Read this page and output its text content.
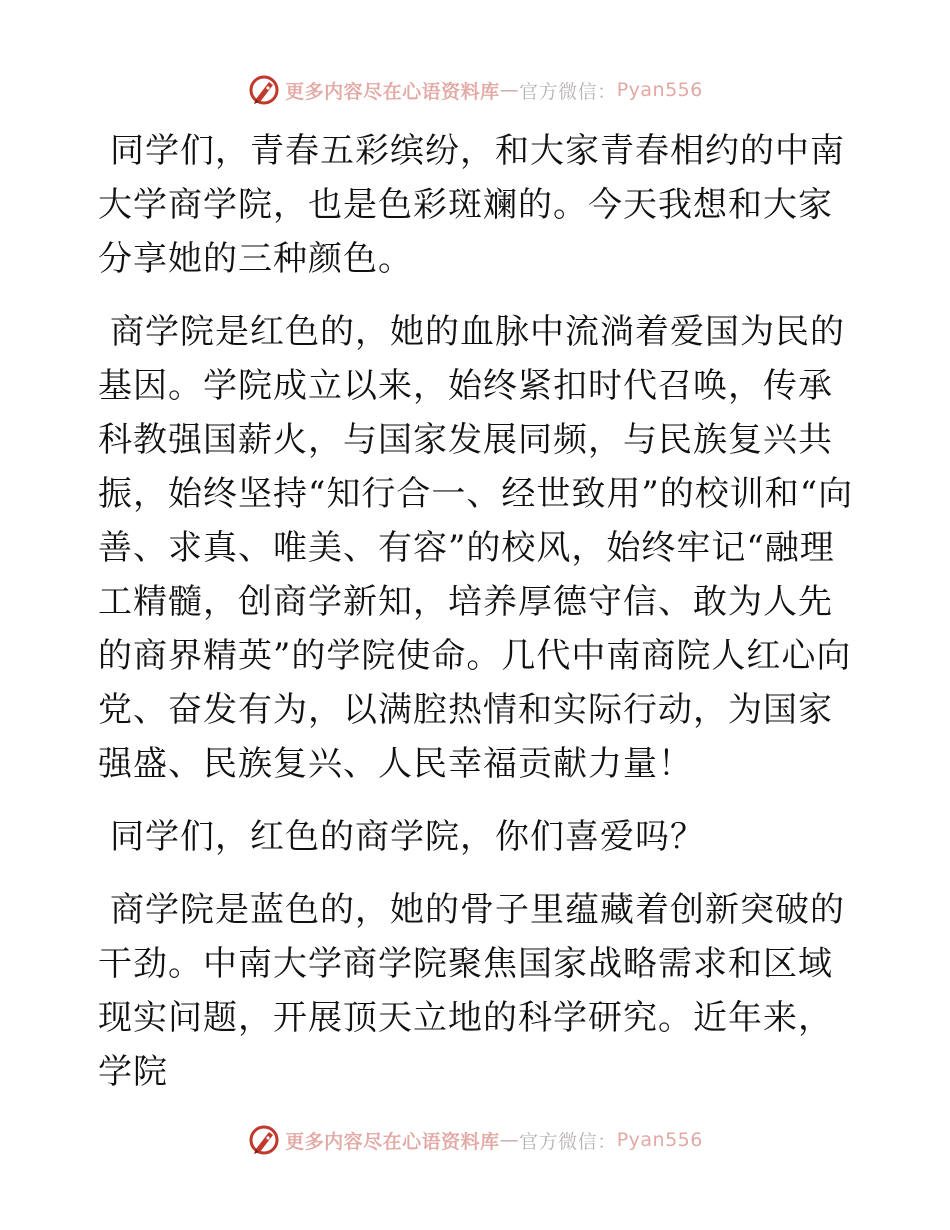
更多内容尽在心语资料库 — 官方微信： Pyan556

同学们，青春五彩缤纷，和大家青春相约的中南大学商学院，也是色彩斑斓的。今天我想和大家分享她的三种颜色。

商学院是红色的，她的血脉中流淌着爱国为民的基因。学院成立以来，始终紧扣时代召唤，传承科教强国薪火，与国家发展同频，与民族复兴共振，始终坚持“知行合一、经世致用”的校训和“向善、求真、唯美、有容”的校风，始终牢记“融理工精髓，创商学新知，培养厚德守信、敢为人先的商界精英”的学院使命。几代中南商院人红心向党、奋发有为，以满腔热情和实际行动，为国家强盛、民族复兴、人民幸福贡献力量！

同学们，红色的商学院，你们喜爱吗？

商学院是蓝色的，她的骨子里蕴藏着创新突破的干劲。中南大学商学院聚焦国家战略需求和区域现实问题，开展顶天立地的科学研究。近年来，学院

更多内容尽在心语资料库 — 官方微信： Pyan556
